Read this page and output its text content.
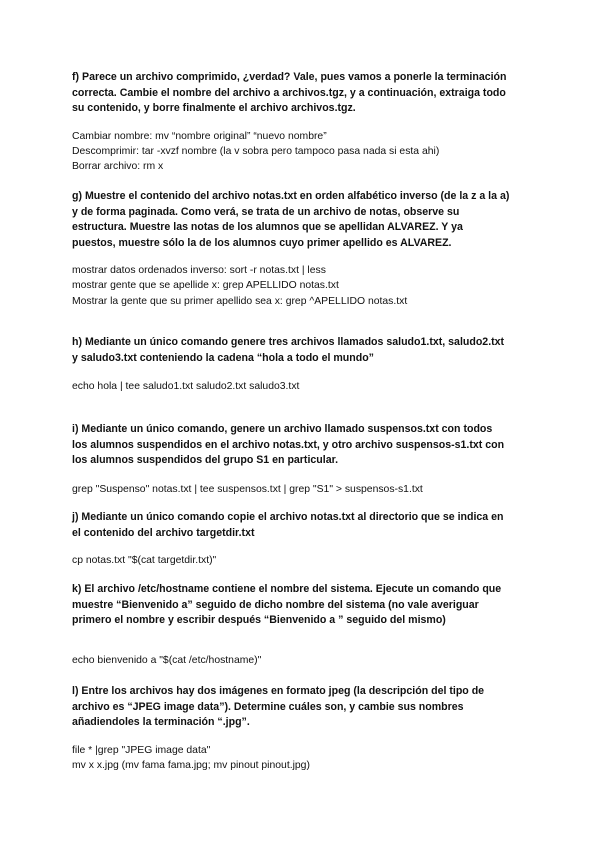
f) Parece un archivo comprimido, ¿verdad? Vale, pues vamos a ponerle la terminación
correcta. Cambie el nombre del archivo a archivos.tgz, y a continuación, extraiga todo
su contenido, y borre finalmente el archivo archivos.tgz.

Cambiar nombre: mv “nombre original” “nuevo nombre”
Descomprimir: tar -xvzf nombre (la v sobra pero tampoco pasa nada si esta ahi)
Borrar archivo: rm x

g) Muestre el contenido del archivo notas.txt en orden alfabético inverso (de la z a la a)
y de forma paginada. Como verá, se trata de un archivo de notas, observe su
estructura. Muestre las notas de los alumnos que se apellidan ALVAREZ. Y ya
puestos, muestre sólo la de los alumnos cuyo primer apellido es ALVAREZ.

mostrar datos ordenados inverso: sort -r notas.txt | less
mostrar gente que se apellide x: grep APELLIDO notas.txt
Mostrar la gente que su primer apellido sea x: grep ^APELLIDO notas.txt

h) Mediante un único comando genere tres archivos llamados saludo1.txt, saludo2.txt
y saludo3.txt conteniendo la cadena “hola a todo el mundo”

echo hola | tee saludo1.txt saludo2.txt saludo3.txt

i) Mediante un único comando, genere un archivo llamado suspensos.txt con todos
los alumnos suspendidos en el archivo notas.txt, y otro archivo suspensos-s1.txt con
los alumnos suspendidos del grupo S1 en particular.

grep "Suspenso" notas.txt | tee suspensos.txt | grep "S1" > suspensos-s1.txt

j) Mediante un único comando copie el archivo notas.txt al directorio que se indica en
el contenido del archivo targetdir.txt

cp notas.txt "$(cat targetdir.txt)"

k) El archivo /etc/hostname contiene el nombre del sistema. Ejecute un comando que
muestre “Bienvenido a” seguido de dicho nombre del sistema (no vale averiguar
primero el nombre y escribir después “Bienvenido a ” seguido del mismo)

echo bienvenido a "$(cat /etc/hostname)"

l) Entre los archivos hay dos imágenes en formato jpeg (la descripción del tipo de
archivo es “JPEG image data”). Determine cuáles son, y cambie sus nombres
añadiendoles la terminación “.jpg”.

file * |grep "JPEG image data"
mv x x.jpg (mv fama fama.jpg; mv pinout pinout.jpg)
